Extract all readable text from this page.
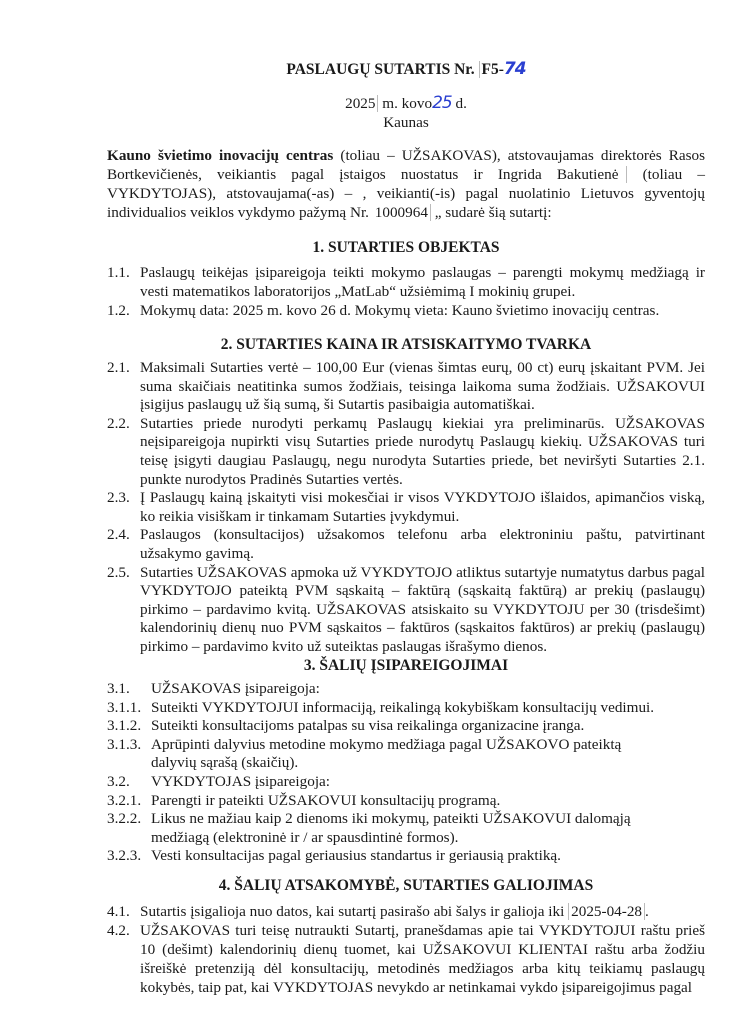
PASLAUGŲ SUTARTIS Nr. F5-74
2025 m. kovo25 d.
Kaunas
Kauno švietimo inovacijų centras (toliau – UŽSAKOVAS), atstovaujamas direktorės Rasos Bortkevičienės, veikiantis pagal įstaigos nuostatus ir Ingrida Bakutienė (toliau – VYKDYTOJAS), atstovaujama(-as) – , veikianti(-is) pagal nuolatinio Lietuvos gyventojų individualios veiklos vykdymo pažymą Nr. 1000964 „ sudarė šią sutartį:
1. SUTARTIES OBJEKTAS
1.1. Paslaugų teikėjas įsipareigoja teikti mokymo paslaugas – parengti mokymų medžiagą ir vesti matematikos laboratorijos „MatLab“ užsiėmimą I mokinių grupei.
1.2. Mokymų data: 2025 m. kovo 26 d. Mokymų vieta: Kauno švietimo inovacijų centras.
2. SUTARTIES KAINA IR ATSISKAITYMO TVARKA
2.1. Maksimali Sutarties vertė – 100,00 Eur (vienas šimtas eurų, 00 ct) eurų įskaitant PVM. Jei suma skaičiais neatitinka sumos žodžiais, teisinga laikoma suma žodžiais. UŽSAKOVUI įsigijus paslaugų už šią sumą, ši Sutartis pasibaigia automatiškai.
2.2. Sutarties priede nurodyti perkamų Paslaugų kiekiai yra preliminarūs. UŽSAKOVAS neįsipareigoja nupirkti visų Sutarties priede nurodytų Paslaugų kiekių. UŽSAKOVAS turi teisę įsigyti daugiau Paslaugų, negu nurodyta Sutarties priede, bet neviršyti Sutarties 2.1. punkte nurodytos Pradinės Sutarties vertės.
2.3. Į Paslaugų kainą įskaityti visi mokesčiai ir visos VYKDYTOJO išlaidos, apimančios viską, ko reikia visiškam ir tinkamam Sutarties įvykdymui.
2.4. Paslaugos (konsultacijos) užsakomos telefonu arba elektroniniu paštu, patvirtinant užsakymo gavimą.
2.5. Sutarties UŽSAKOVAS apmoka už VYKDYTOJO atliktus sutartyje numatytus darbus pagal VYKDYTOJO pateiktą PVM sąskaitą – faktūrą (sąskaitą faktūrą) ar prekių (paslaugų) pirkimo – pardavimo kvitą. UŽSAKOVAS atsiskaito su VYKDYTOJU per 30 (trisdešimt) kalendorinių dienų nuo PVM sąskaitos – faktūros (sąskaitos faktūros) ar prekių (paslaugų) pirkimo – pardavimo kvito už suteiktas paslaugas išrašymo dienos.
3. ŠALIŲ ĮSIPAREIGOJIMAI
3.1.	UŽSAKOVAS įsipareigoja:
3.1.1. Suteikti VYKDYTOJUI informaciją, reikalingą kokybiškam konsultacijų vedimui.
3.1.2. Suteikti konsultacijoms patalpas su visa reikalinga organizacine įranga.
3.1.3. Aprūpinti dalyvius metodine mokymo medžiaga pagal UŽSAKOVO pateiktą dalyvių sąrašą (skaičių).
3.2.	VYKDYTOJAS įsipareigoja:
3.2.1. Parengti ir pateikti UŽSAKOVUI konsultacijų programą.
3.2.2. Likus ne mažiau kaip 2 dienoms iki mokymų, pateikti UŽSAKOVUI dalomąją medžiagą (elektroninė ir / ar spausdintinė formos).
3.2.3. Vesti konsultacijas pagal geriausius standartus ir geriausią praktiką.
4. ŠALIŲ ATSAKOMYBĖ, SUTARTIES GALIOJIMAS
4.1. Sutartis įsigalioja nuo datos, kai sutartį pasirašo abi šalys ir galioja iki 2025-04-28 .
4.2. UŽSAKOVAS turi teisę nutraukti Sutartį, pranešdamas apie tai VYKDYTOJUI raštu prieš 10 (dešimt) kalendorinių dienų tuomet, kai UŽSAKOVUI KLIENTAI raštu arba žodžiu išreiškė pretenziją dėl konsultacijų, metodinės medžiagos arba kitų teikiamų paslaugų kokybės, taip pat, kai VYKDYTOJAS nevykdo ar netinkamai vykdo įsipareigojimus pagal
